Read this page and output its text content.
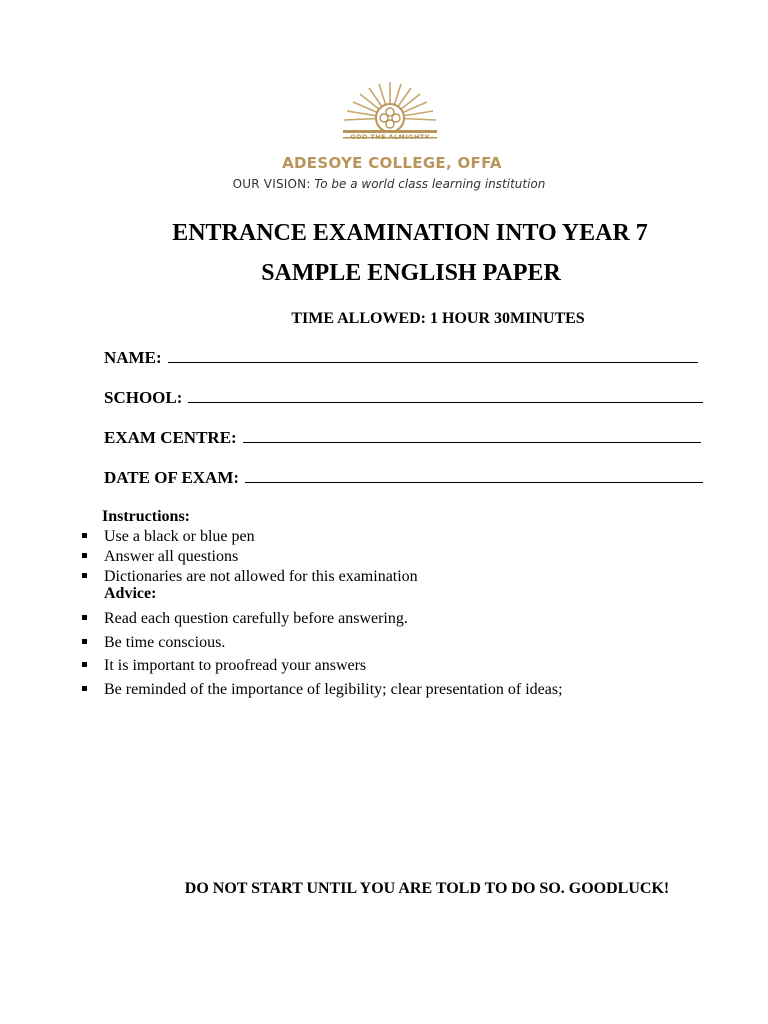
GOD THE ALMIGHTY
ADESOYE COLLEGE, OFFA
OUR VISION: To be a world class learning institution
ENTRANCE EXAMINATION INTO YEAR 7
SAMPLE ENGLISH PAPER
TIME ALLOWED: 1 HOUR 30MINUTES
NAME:
SCHOOL:
EXAM CENTRE:
DATE OF EXAM:
Instructions:
Use a black or blue pen
Answer all questions
Dictionaries are not allowed for this examination
Advice:
Read each question carefully before answering.
Be time conscious.
It is important to proofread your answers
Be reminded of the importance of legibility; clear presentation of ideas;
DO NOT START UNTIL YOU ARE TOLD TO DO SO. GOODLUCK!
